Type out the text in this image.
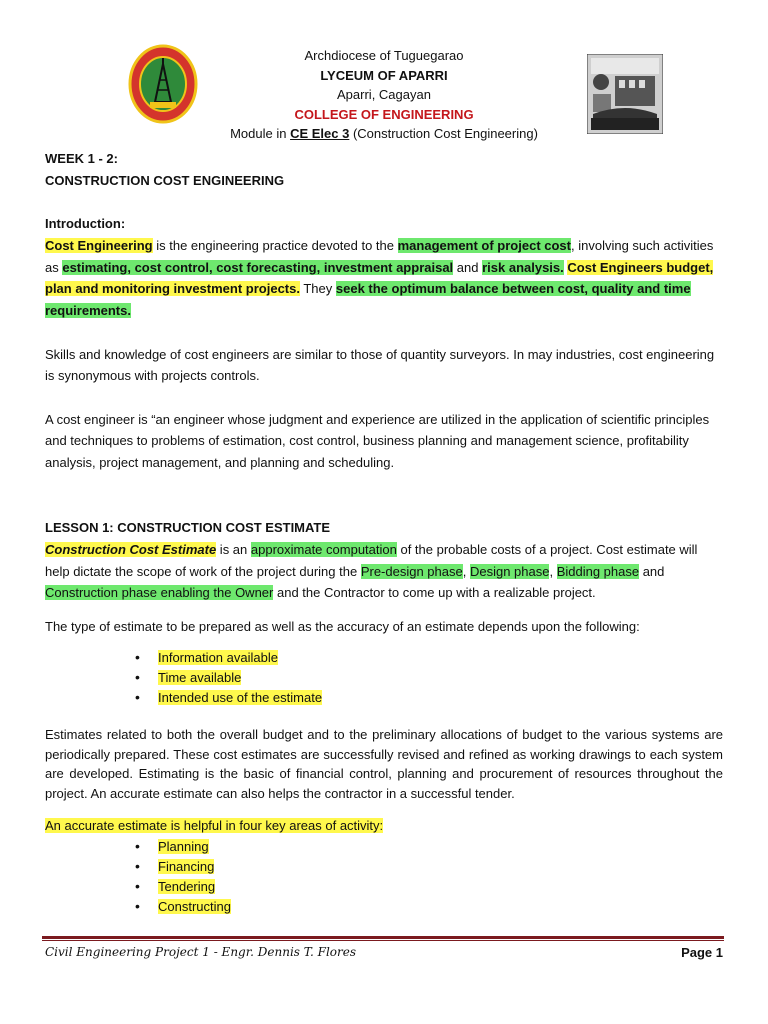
Archdiocese of Tuguegarao
LYCEUM OF APARRI
Aparri, Cagayan
COLLEGE OF ENGINEERING
Module in CE Elec 3 (Construction Cost Engineering)

WEEK 1 - 2:

CONSTRUCTION COST ENGINEERING

Introduction:

Cost Engineering is the engineering practice devoted to the management of project cost, involving such activities as estimating, cost control, cost forecasting, investment appraisal and risk analysis. Cost Engineers budget, plan and monitoring investment projects. They seek the optimum balance between cost, quality and time requirements.

Skills and knowledge of cost engineers are similar to those of quantity surveyors. In may industries, cost engineering is synonymous with projects controls.

A cost engineer is “an engineer whose judgment and experience are utilized in the application of scientific principles and techniques to problems of estimation, cost control, business planning and management science, profitability analysis, project management, and planning and scheduling.

LESSON 1: CONSTRUCTION COST ESTIMATE

Construction Cost Estimate is an approximate computation of the probable costs of a project. Cost estimate will help dictate the scope of work of the project during the Pre-design phase, Design phase, Bidding phase and Construction phase enabling the Owner and the Contractor to come up with a realizable project.

The type of estimate to be prepared as well as the accuracy of an estimate depends upon the following:

• Information available
• Time available
• Intended use of the estimate

Estimates related to both the overall budget and to the preliminary allocations of budget to the various systems are periodically prepared. These cost estimates are successfully revised and refined as working drawings to each system are developed. Estimating is the basic of financial control, planning and procurement of resources throughout the project. An accurate estimate can also helps the contractor in a successful tender.

An accurate estimate is helpful in four key areas of activity:

• Planning
• Financing
• Tendering
• Constructing
Civil Engineering Project 1 - Engr. Dennis T. Flores	Page 1
